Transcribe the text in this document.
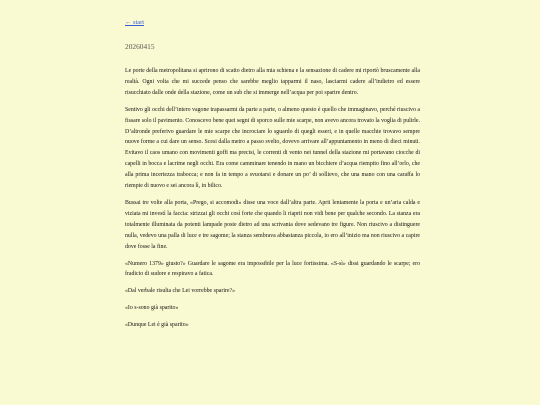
← start
20260415

Le porte della metropolitana si aprirono di scatto dietro alla mia schiena e la sensazione di cadere mi riportò bruscamente alla realtà. Ogni volta che mi succede penso che sarebbe meglio tapparmi il naso, lasciarmi cadere all’indietro ed essere risucchiato dalle onde della stazione, come un sub che si immerge nell’acqua per poi sparire dentro.

Sentivo gli occhi dell’intero vagone trapassarmi da parte a parte, o almeno questo è quello che immaginavo, perché riuscivo a fissare solo il pavimento. Conoscevo bene quei segni di sporco sulle mie scarpe, non avevo ancora trovato la voglia di pulirle. D’altronde preferivo guardare le mie scarpe che incrociare lo sguardo di quegli esseri, e in quelle macchie trovavo sempre nuove forme a cui dare un senso. Scesi dalla metro a passo svelto, dovevo arrivare all’appuntamento in meno di dieci minuti. Evitavo il caos umano con movimenti goffi ma precisi, le correnti di vento nei tunnel della stazione mi portavano ciocche di capelli in bocca e lacrime negli occhi. Era come camminare tenendo in mano un bicchiere d’acqua riempito fino all’orlo, che alla prima incertezza trabocca; e non fa in tempo a svuotarsi e donare un po’ di sollievo, che una mano con una caraffa lo riempie di nuovo e sei ancora lì, in bilico.

Bussai tre volte alla porta, «Prego, si accomodi» disse una voce dall’altra parte. Aprii lentamente la porta e un’aria calda e viziata mi investì la faccia: strizzai gli occhi così forte che quando li riaprii non vidi bene per qualche secondo. La stanza era totalmente illuminata da potenti lampade poste dietro ad una scrivania dove sedevano tre figure. Non riuscivo a distinguere nulla, vedevo una palla di luce e tre sagome; la stanza sembrava abbastanza piccola, io ero all’inizio ma non riuscivo a capire dove fosse la fine.

«Numero 1379» giusto?» Guardare le sagome era impossibile per la luce fortissima. «S-sì» dissi guardando le scarpe; ero fradicio di sudore e respiravo a fatica.

«Dal verbale risulta che Lei vorrebbe sparire?»

«Io s-sono già sparito»

«Dunque Lei è già sparito»
